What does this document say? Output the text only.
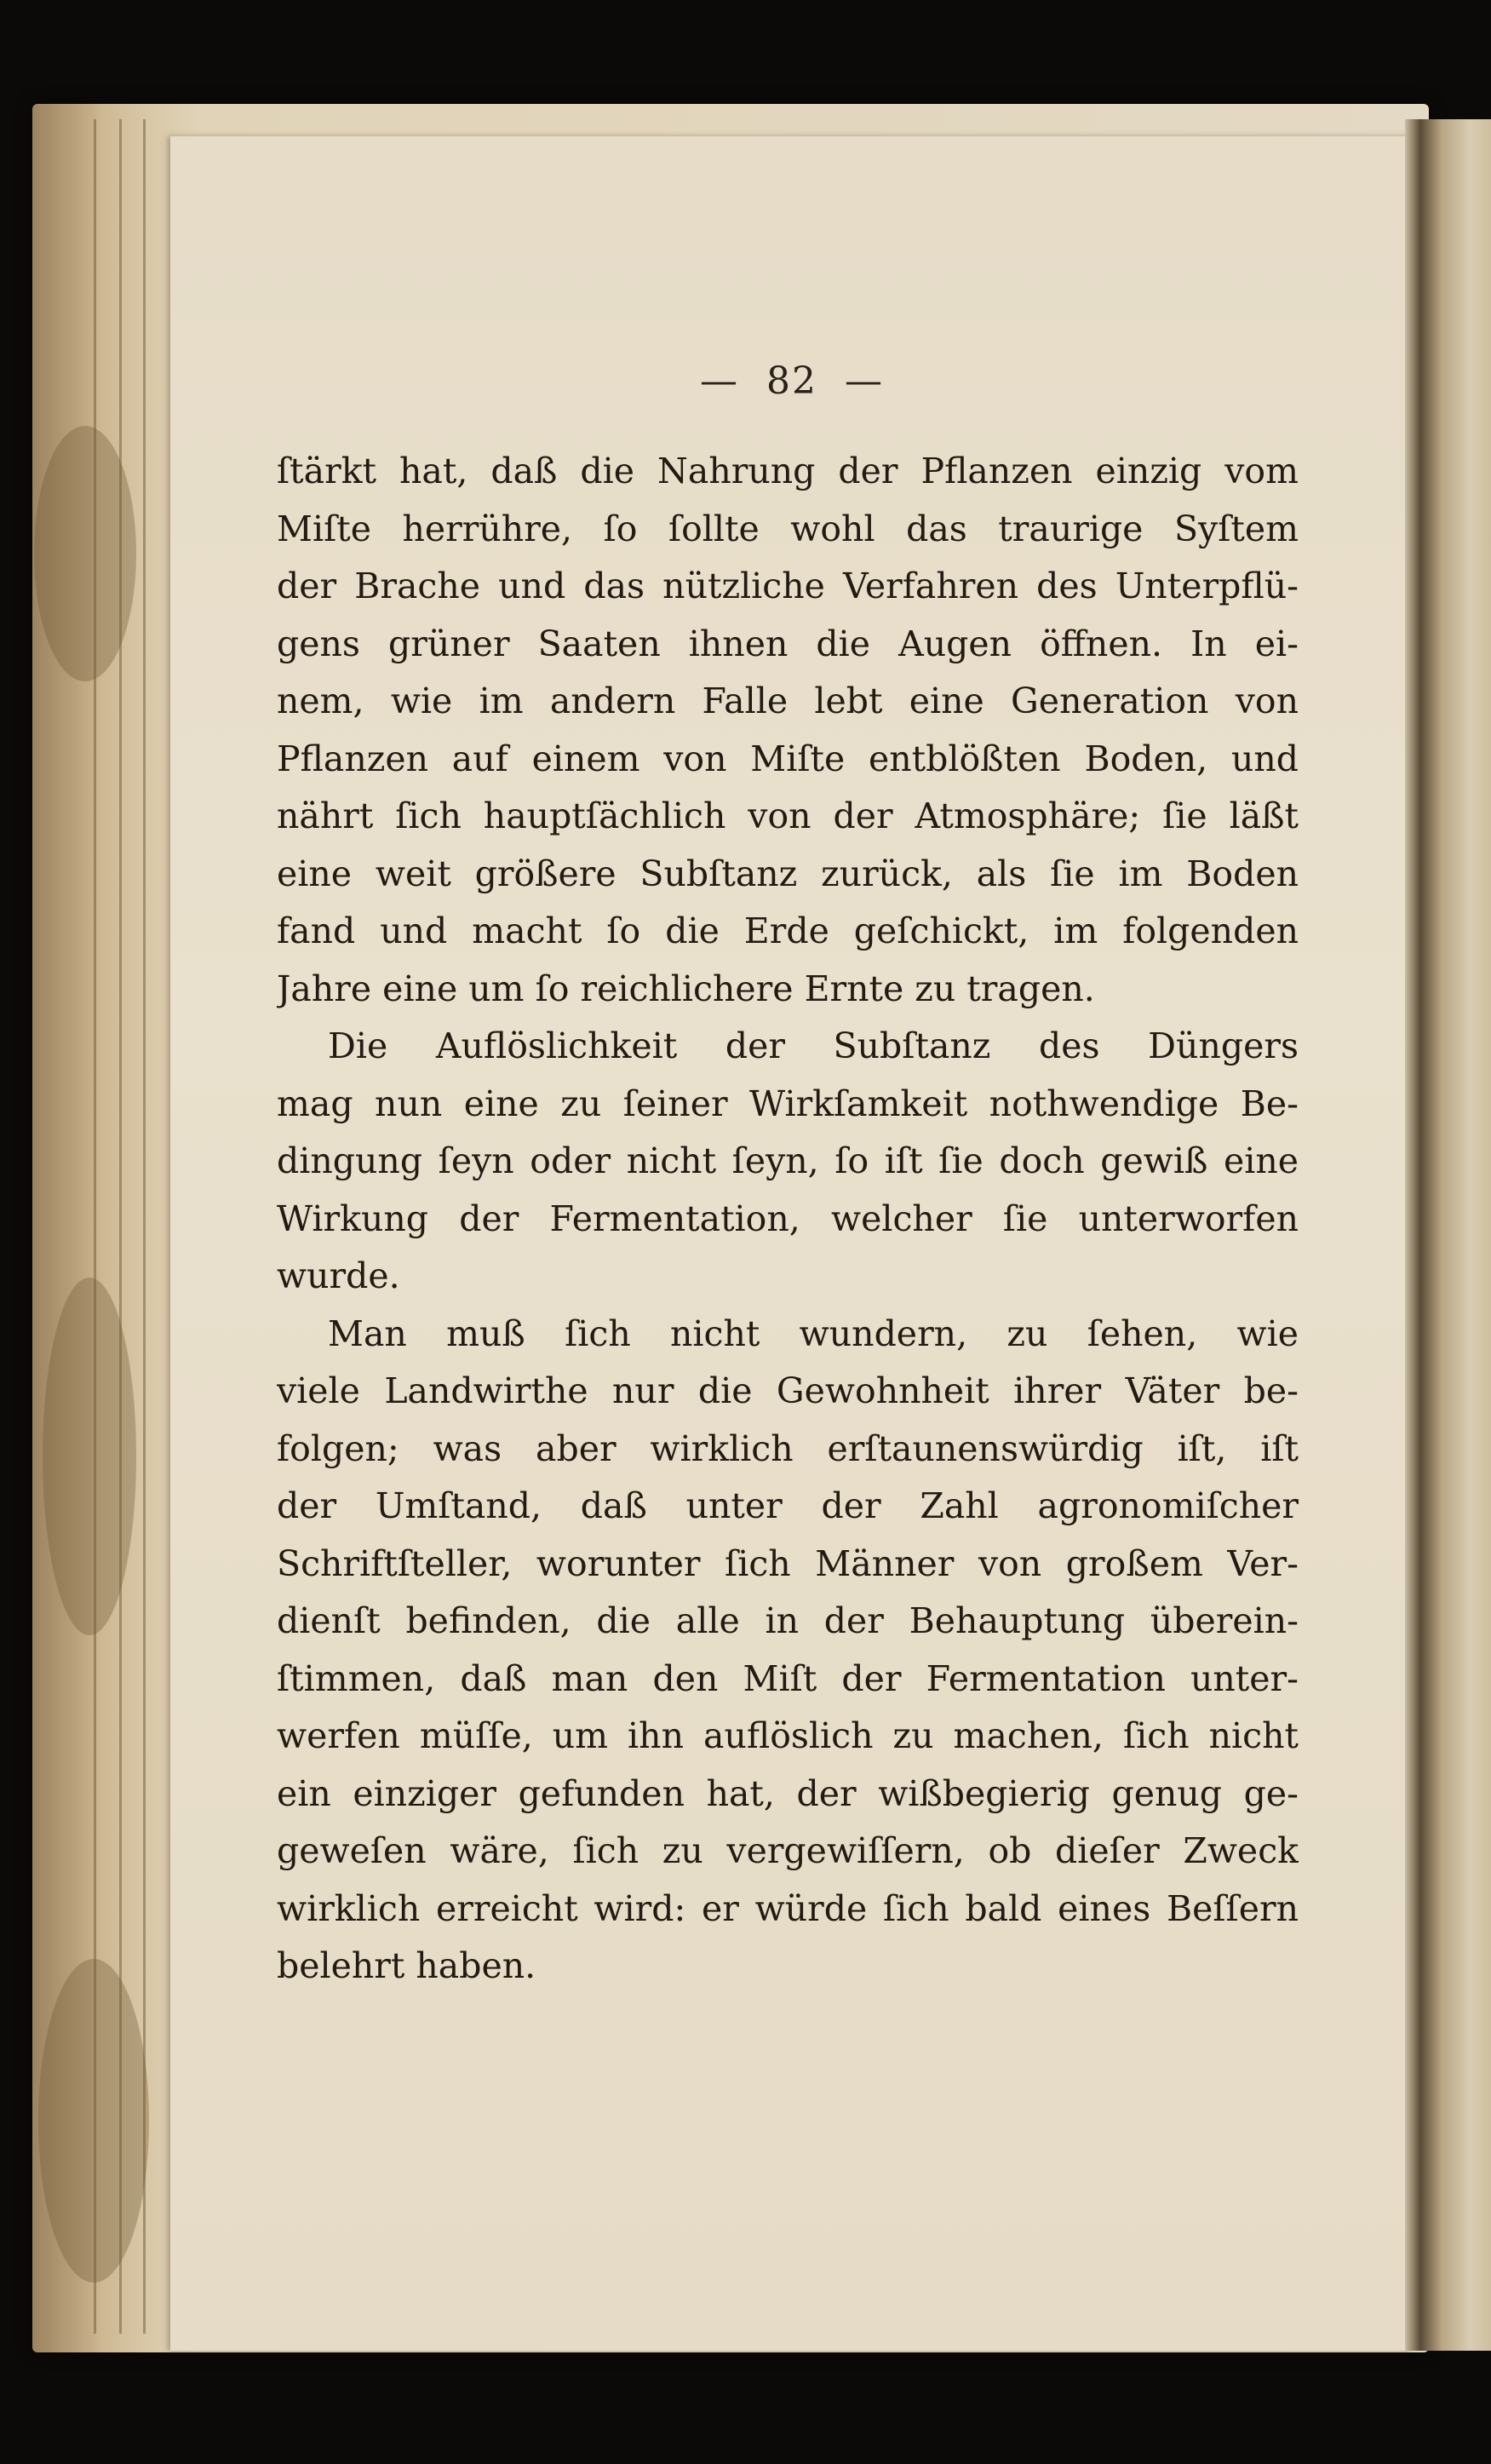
—  82  —
ſtärkt hat, daß die Nahrung der Pflanzen einzig vom
Miſte herrühre, ſo ſollte wohl das traurige Syſtem
der Brache und das nützliche Verfahren des Unterpflü-
gens grüner Saaten ihnen die Augen öffnen. In ei-
nem, wie im andern Falle lebt eine Generation von
Pflanzen auf einem von Miſte entblößten Boden, und
nährt ſich hauptſächlich von der Atmosphäre; ſie läßt
eine weit größere Subſtanz zurück, als ſie im Boden
fand und macht ſo die Erde geſchickt, im folgenden
Jahre eine um ſo reichlichere Ernte zu tragen.
Die Auflöslichkeit der Subſtanz des Düngers
mag nun eine zu ſeiner Wirkſamkeit nothwendige Be-
dingung ſeyn oder nicht ſeyn, ſo iſt ſie doch gewiß eine
Wirkung der Fermentation, welcher ſie unterworfen
wurde.
Man muß ſich nicht wundern, zu ſehen, wie
viele Landwirthe nur die Gewohnheit ihrer Väter be-
folgen; was aber wirklich erſtaunenswürdig iſt, iſt
der Umſtand, daß unter der Zahl agronomiſcher
Schriftſteller, worunter ſich Männer von großem Ver-
dienſt befinden, die alle in der Behauptung überein-
ſtimmen, daß man den Miſt der Fermentation unter-
werfen müſſe, um ihn auflöslich zu machen, ſich nicht
ein einziger gefunden hat, der wißbegierig genug ge-
geweſen wäre, ſich zu vergewiſſern, ob dieſer Zweck
wirklich erreicht wird: er würde ſich bald eines Beſſern
belehrt haben.
